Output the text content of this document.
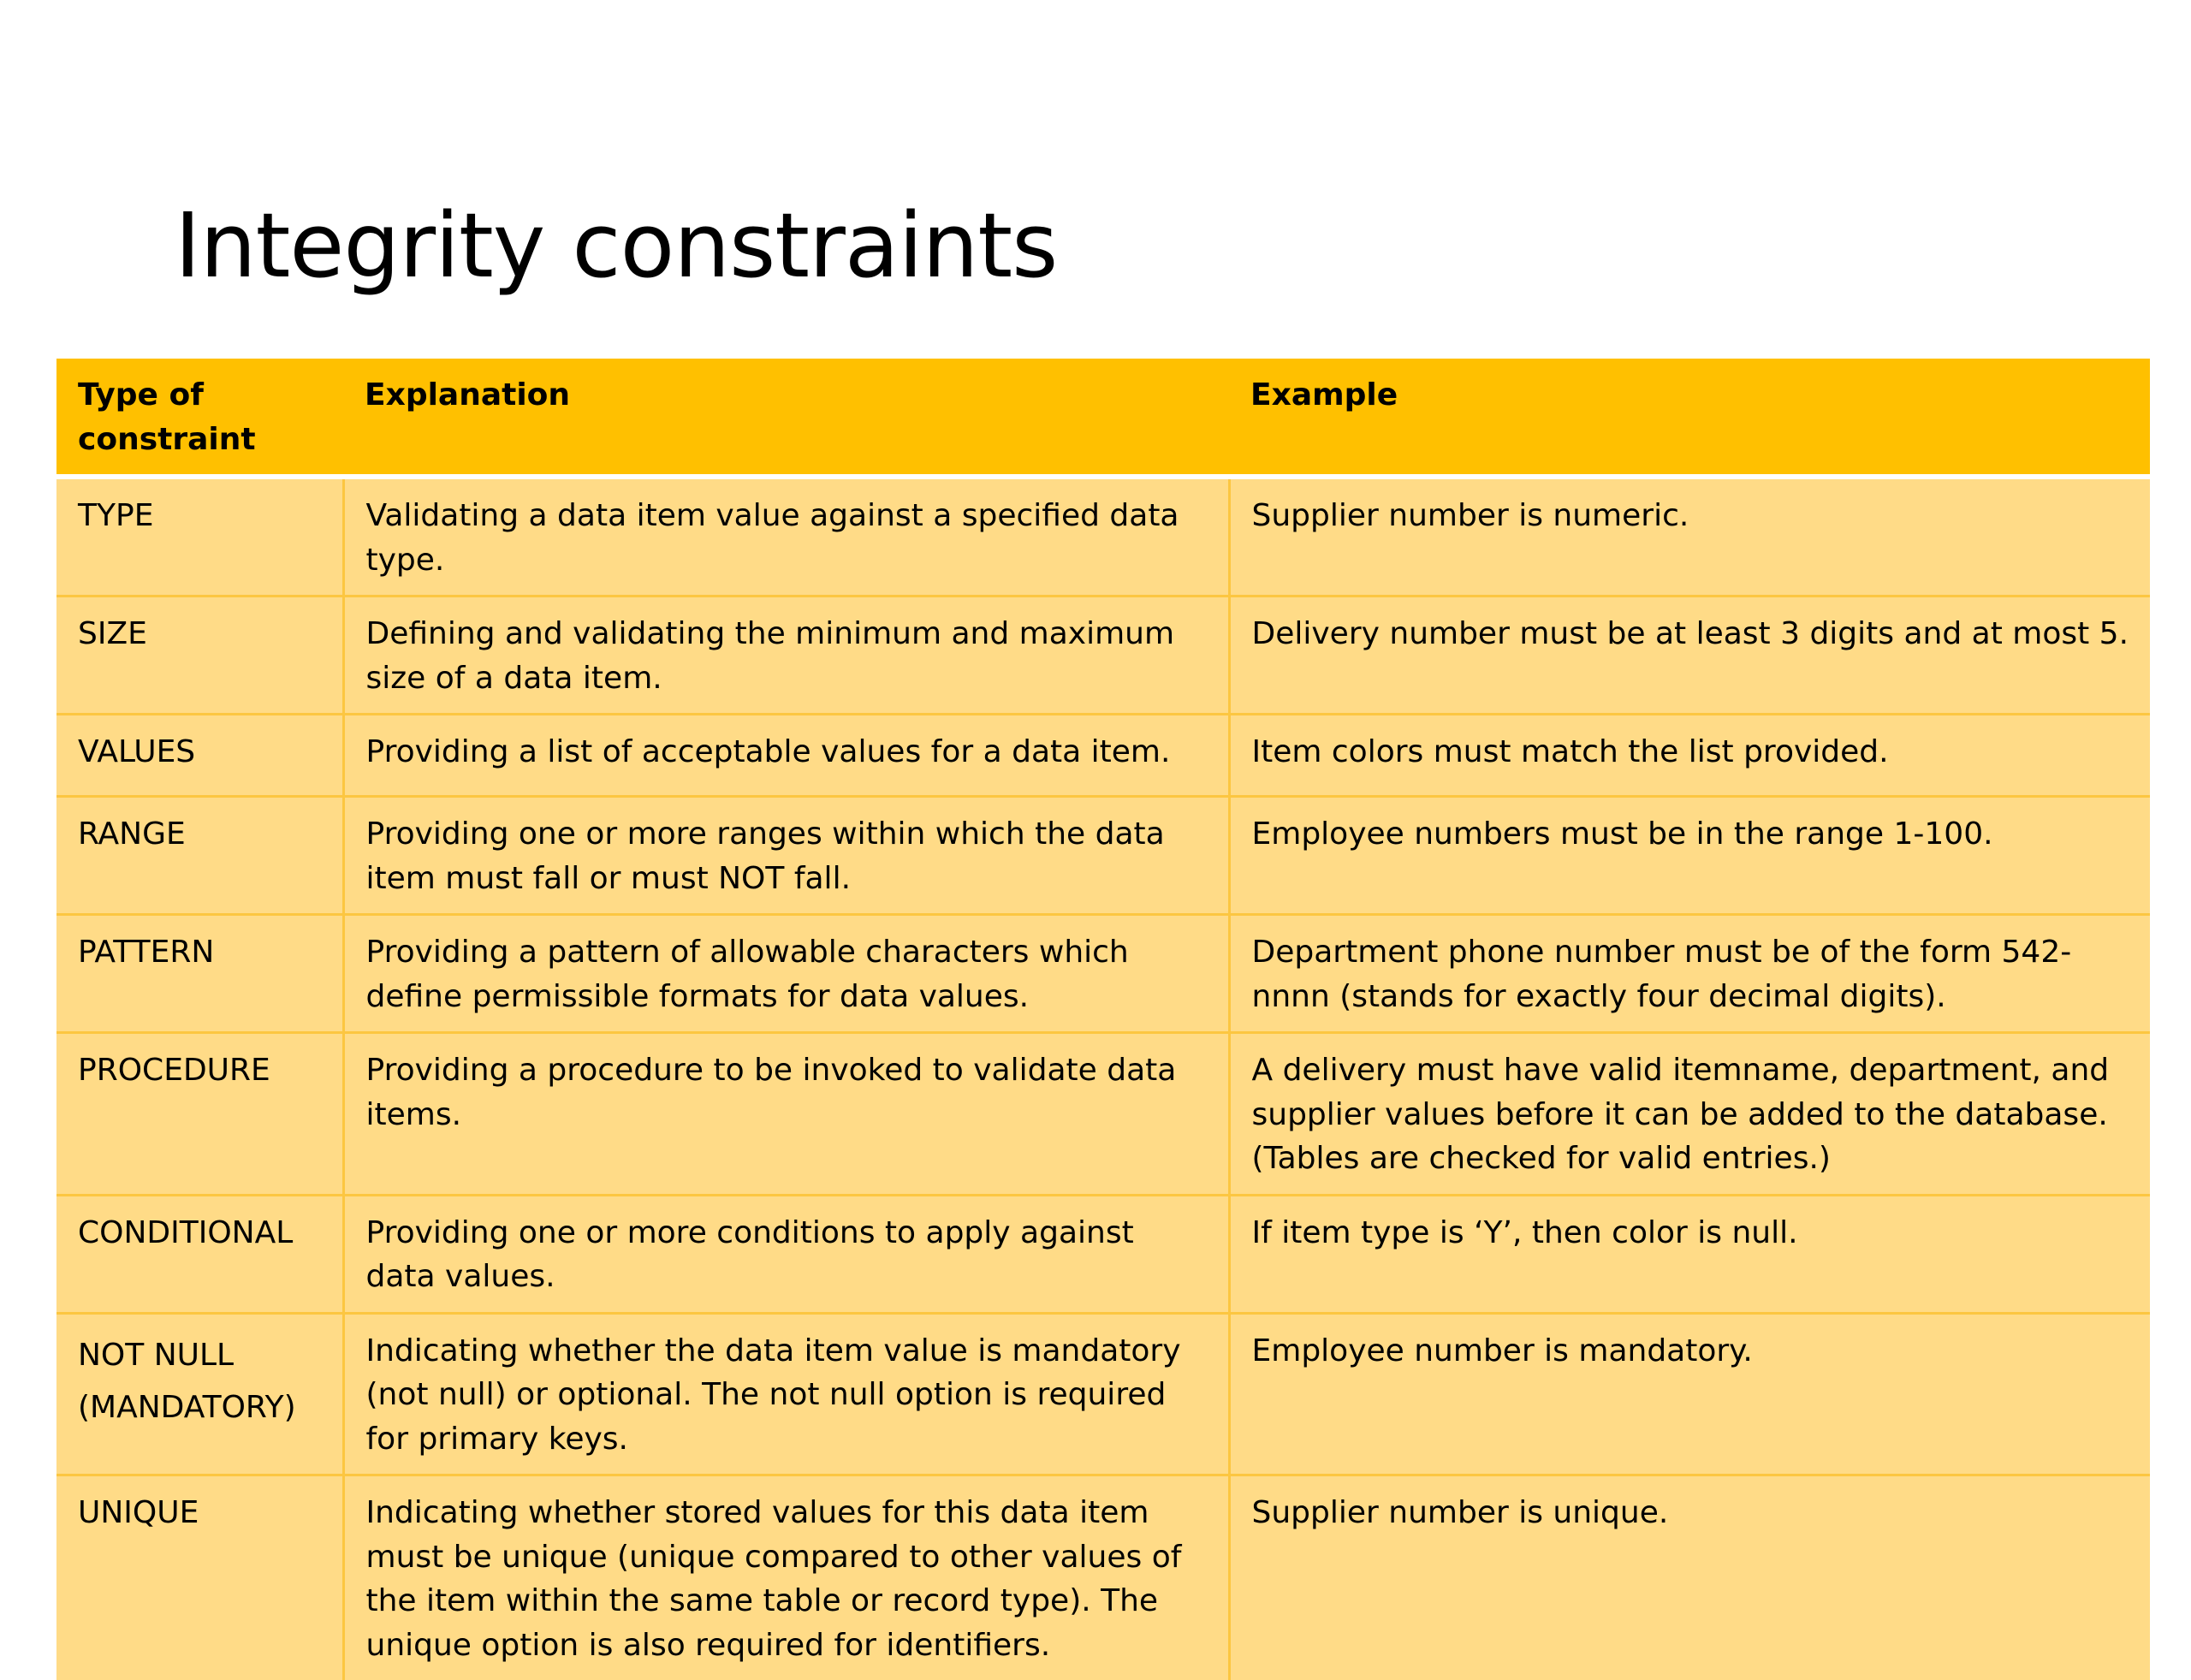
Integrity constraints
Type of constraint	Explanation	Example
TYPE	Validating a data item value against a specified data type.	Supplier number is numeric.
SIZE	Defining and validating the minimum and maximum size of a data item.	Delivery number must be at least 3 digits and at most 5.
VALUES	Providing a list of acceptable values for a data item.	Item colors must match the list provided.
RANGE	Providing one or more ranges within which the data item must fall or must NOT fall.	Employee numbers must be in the range 1-100.
PATTERN	Providing a pattern of allowable characters which define permissible formats for data values.	Department phone number must be of the form 542-nnnn (stands for exactly four decimal digits).
PROCEDURE	Providing a procedure to be invoked to validate data items.	A delivery must have valid itemname, department, and supplier values before it can be added to the database. (Tables are checked for valid entries.)
CONDITIONAL	Providing one or more conditions to apply against data values.	If item type is ‘Y’, then color is null.
NOT NULL (MANDATORY)	Indicating whether the data item value is mandatory (not null) or optional. The not null option is required for primary keys.	Employee number is mandatory.
UNIQUE	Indicating whether stored values for this data item must be unique (unique compared to other values of the item within the same table or record type). The unique option is also required for identifiers.	Supplier number is unique.
